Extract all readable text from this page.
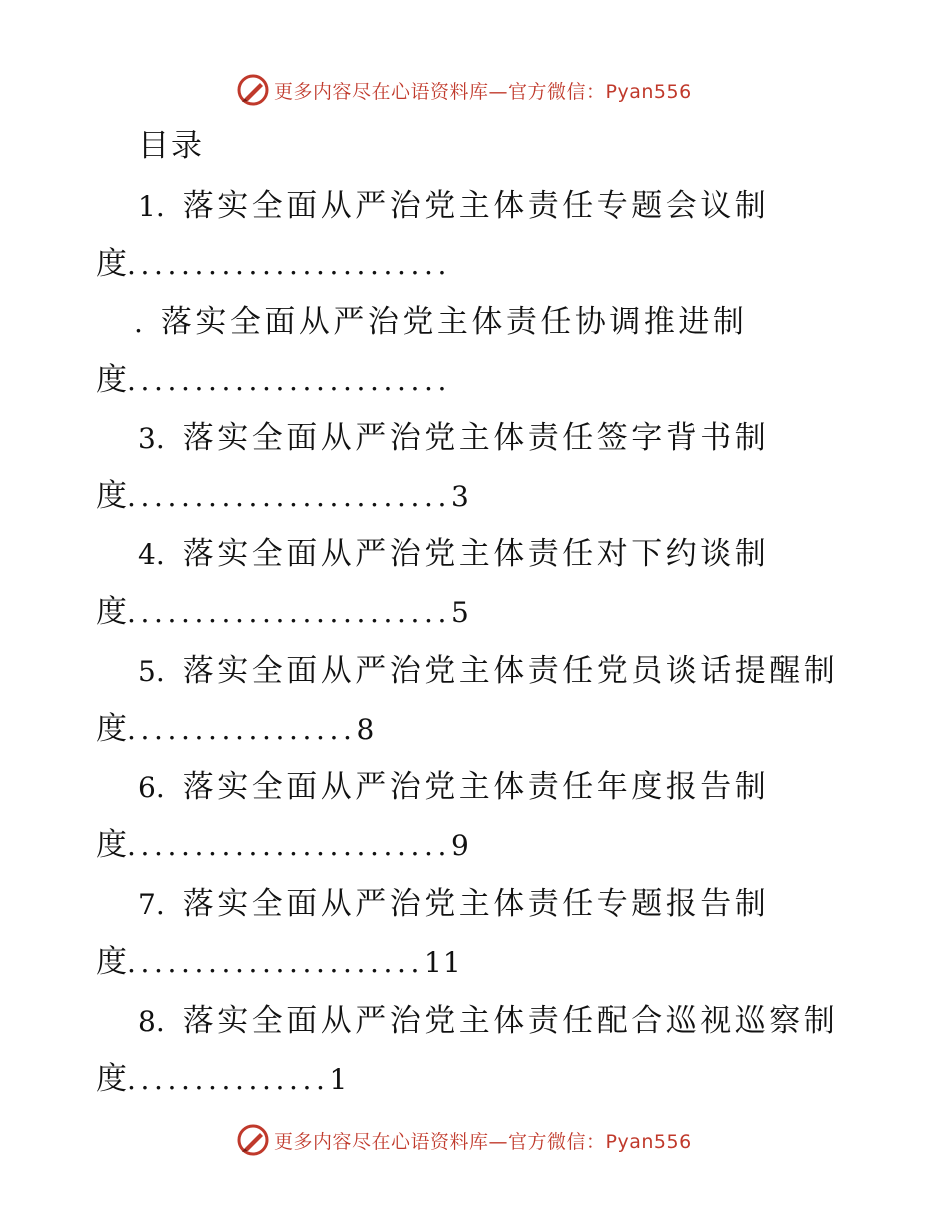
更多内容尽在心语资料库—官方微信：Pyan556
目录
1. 落实全面从严治党主体责任专题会议制
度........................
. 落实全面从严治党主体责任协调推进制
度........................
3. 落实全面从严治党主体责任签字背书制
度........................3
4. 落实全面从严治党主体责任对下约谈制
度........................5
5. 落实全面从严治党主体责任党员谈话提醒制
度.................8
6. 落实全面从严治党主体责任年度报告制
度........................9
7. 落实全面从严治党主体责任专题报告制
度......................11
8. 落实全面从严治党主体责任配合巡视巡察制
度...............1
更多内容尽在心语资料库—官方微信：Pyan556
